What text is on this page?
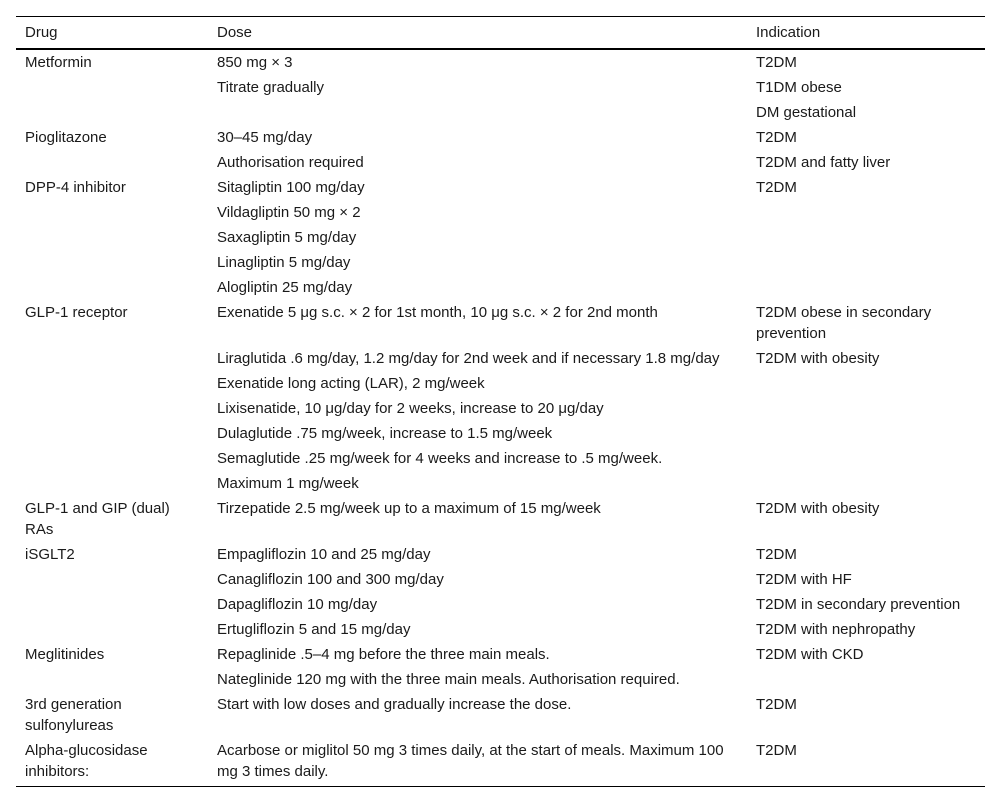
Drug	Dose	Indication
Metformin	850 mg × 3	T2DM
	Titrate gradually	T1DM obese
		DM gestational
Pioglitazone	30–45 mg/day	T2DM
	Authorisation required	T2DM and fatty liver
DPP-4 inhibitor	Sitagliptin 100 mg/day	T2DM
	Vildagliptin 50 mg × 2	
	Saxagliptin 5 mg/day	
	Linagliptin 5 mg/day	
	Alogliptin 25 mg/day	
GLP-1 receptor	Exenatide 5 μg s.c. × 2 for 1st month, 10 μg s.c. × 2 for 2nd month	T2DM obese in secondary prevention
	Liraglutida .6 mg/day, 1.2 mg/day for 2nd week and if necessary 1.8 mg/day	T2DM with obesity
	Exenatide long acting (LAR), 2 mg/week	
	Lixisenatide, 10 μg/day for 2 weeks, increase to 20 μg/day	
	Dulaglutide .75 mg/week, increase to 1.5 mg/week	
	Semaglutide .25 mg/week for 4 weeks and increase to .5 mg/week.	
	Maximum 1 mg/week	
GLP-1 and GIP (dual) RAs	Tirzepatide 2.5 mg/week up to a maximum of 15 mg/week	T2DM with obesity
iSGLT2	Empagliflozin 10 and 25 mg/day	T2DM
	Canagliflozin 100 and 300 mg/day	T2DM with HF
	Dapagliflozin 10 mg/day	T2DM in secondary prevention
	Ertugliflozin 5 and 15 mg/day	T2DM with nephropathy
Meglitinides	Repaglinide .5–4 mg before the three main meals.	T2DM with CKD
	Nateglinide 120 mg with the three main meals. Authorisation required.	
3rd generation sulfonylureas	Start with low doses and gradually increase the dose.	T2DM
Alpha-glucosidase inhibitors:	Acarbose or miglitol 50 mg 3 times daily, at the start of meals. Maximum 100 mg 3 times daily.	T2DM
